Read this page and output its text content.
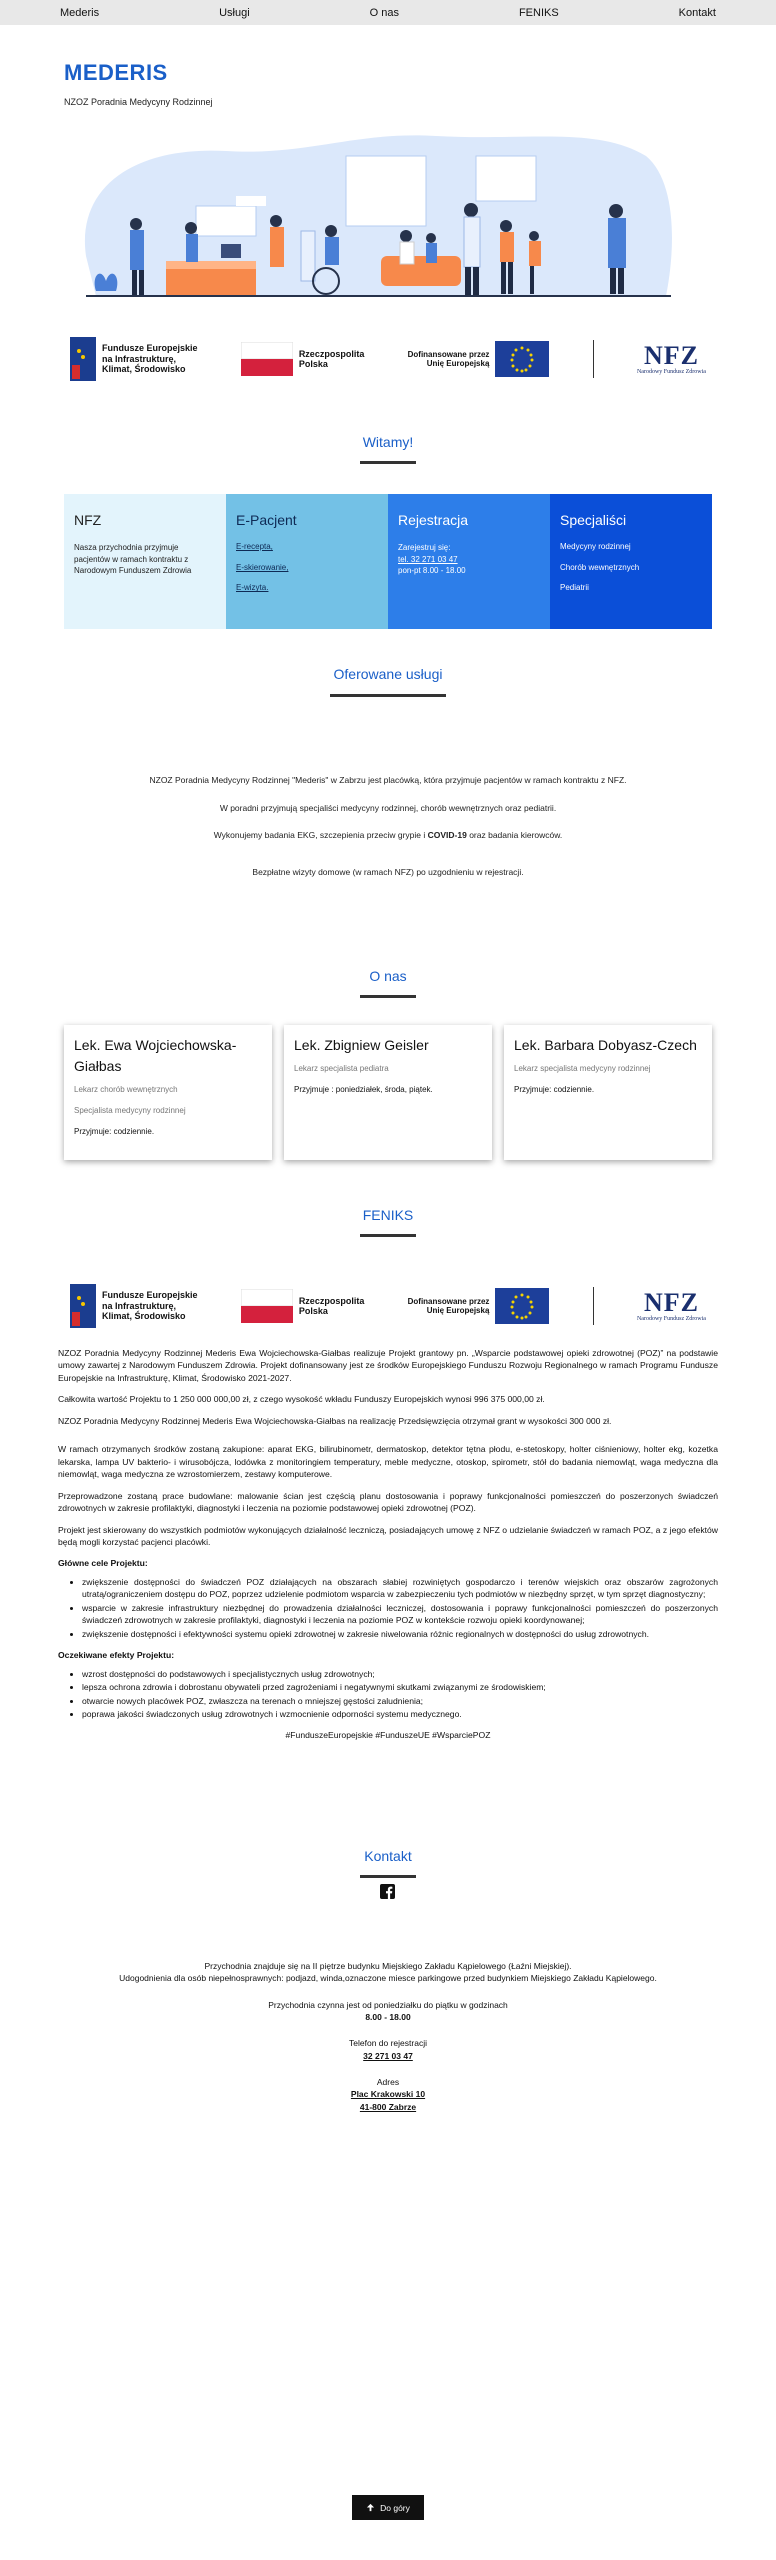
Mederis	Usługi	O nas	FENIKS	Kontakt
MEDERIS
NZOZ Poradnia Medycyny Rodzinnej
Fundusze Europejskie
na Infrastrukturę,
Klimat, Środowisko
Rzeczpospolita
Polska
Dofinansowane przez
Unię Europejską	NFZ
Narodowy Fundusz Zdrowia
Witamy!
NFZ

Nasza przychodnia przyjmuje pacjentów w ramach kontraktu z Narodowym Funduszem Zdrowia

E-Pacjent
E-recepta,
E-skierowanie,
E-wizyta.
Rejestracja
Zarejestruj się:
tel. 32 271 03 47
pon-pt 8.00 - 18.00
Specjaliści
Medycyny rodzinnej
Chorób wewnętrznych
Pediatrii
Oferowane usługi
NZOZ Poradnia Medycyny Rodzinnej "Mederis" w Zabrzu jest placówką, która przyjmuje pacjentów w ramach kontraktu z NFZ.
W poradni przyjmują specjaliści medycyny rodzinnej, chorób wewnętrznych oraz pediatrii.
Wykonujemy badania EKG, szczepienia przeciw grypie i COVID-19 oraz badania kierowców.
Bezpłatne wizyty domowe (w ramach NFZ) po uzgodnieniu w rejestracji.
O nas
Lek. Ewa Wojciechowska-Giałbas
Lekarz chorób wewnętrznych
Specjalista medycyny rodzinnej
Przyjmuje: codziennie.
Lek. Zbigniew Geisler
Lekarz specjalista pediatra
Przyjmuje : poniedziałek, środa, piątek.
Lek. Barbara Dobyasz-Czech
Lekarz specjalista medycyny rodzinnej
Przyjmuje: codziennie.
FENIKS
Fundusze Europejskie
na Infrastrukturę,
Klimat, Środowisko
Rzeczpospolita
Polska
Dofinansowane przez
Unię Europejską	NFZ
Narodowy Fundusz Zdrowia

NZOZ Poradnia Medycyny Rodzinnej Mederis Ewa Wojciechowska-Giałbas realizuje Projekt grantowy pn. „Wsparcie podstawowej opieki zdrowotnej (POZ)” na podstawie umowy zawartej z Narodowym Funduszem Zdrowia. Projekt dofinansowany jest ze środków Europejskiego Funduszu Rozwoju Regionalnego w ramach Programu Fundusze Europejskie na Infrastrukturę, Klimat, Środowisko 2021-2027.

Całkowita wartość Projektu to 1 250 000 000,00 zł, z czego wysokość wkładu Funduszy Europejskich wynosi 996 375 000,00 zł.

NZOZ Poradnia Medycyny Rodzinnej Mederis Ewa Wojciechowska-Giałbas na realizację Przedsięwzięcia otrzymał grant w wysokości 300 000 zł.

W ramach otrzymanych środków zostaną zakupione: aparat EKG, bilirubinometr, dermatoskop, detektor tętna płodu, e-stetoskopy, holter ciśnieniowy, holter ekg, kozetka lekarska, lampa UV bakterio- i wirusobójcza, lodówka z monitoringiem temperatury, meble medyczne, otoskop, spirometr, stół do badania niemowląt, waga medyczna dla niemowląt, waga medyczna ze wzrostomierzem, zestawy komputerowe.

Przeprowadzone zostaną prace budowlane: malowanie ścian jest częścią planu dostosowania i poprawy funkcjonalności pomieszczeń do poszerzonych świadczeń zdrowotnych w zakresie profilaktyki, diagnostyki i leczenia na poziomie podstawowej opieki zdrowotnej (POZ).

Projekt jest skierowany do wszystkich podmiotów wykonujących działalność leczniczą, posiadających umowę z NFZ o udzielanie świadczeń w ramach POZ, a z jego efektów będą mogli korzystać pacjenci placówki.

Główne cele Projektu:

• zwiększenie dostępności do świadczeń POZ działających na obszarach słabiej rozwiniętych gospodarczo i terenów wiejskich oraz obszarów zagrożonych utratą/ograniczeniem dostępu do POZ, poprzez udzielenie podmiotom wsparcia w zabezpieczeniu tych podmiotów w niezbędny sprzęt, w tym sprzęt diagnostyczny;
• wsparcie w zakresie infrastruktury niezbędnej do prowadzenia działalności leczniczej, dostosowania i poprawy funkcjonalności pomieszczeń do poszerzonych świadczeń zdrowotnych w zakresie profilaktyki, diagnostyki i leczenia na poziomie POZ w kontekście rozwoju opieki koordynowanej;
• zwiększenie dostępności i efektywności systemu opieki zdrowotnej w zakresie niwelowania różnic regionalnych w dostępności do usług zdrowotnych.

Oczekiwane efekty Projektu:

• wzrost dostępności do podstawowych i specjalistycznych usług zdrowotnych;
• lepsza ochrona zdrowia i dobrostanu obywateli przed zagrożeniami i negatywnymi skutkami związanymi ze środowiskiem;
• otwarcie nowych placówek POZ, zwłaszcza na terenach o mniejszej gęstości zaludnienia;
• poprawa jakości świadczonych usług zdrowotnych i wzmocnienie odporności systemu medycznego.

#FunduszeEuropejskie #FunduszeUE #WsparciePOZ

Kontakt
Przychodnia znajduje się na II piętrze budynku Miejskiego Zakładu Kąpielowego (Łaźni Miejskiej).
Udogodnienia dla osób niepełnosprawnych: podjazd, winda,oznaczone miesce parkingowe przed budynkiem Miejskiego Zakładu Kąpielowego.
Przychodnia czynna jest od poniedziałku do piątku w godzinach
8.00 - 18.00
Telefon do rejestracji
32 271 03 47
Adres
Plac Krakowski 10
41-800 Zabrze
Do góry
